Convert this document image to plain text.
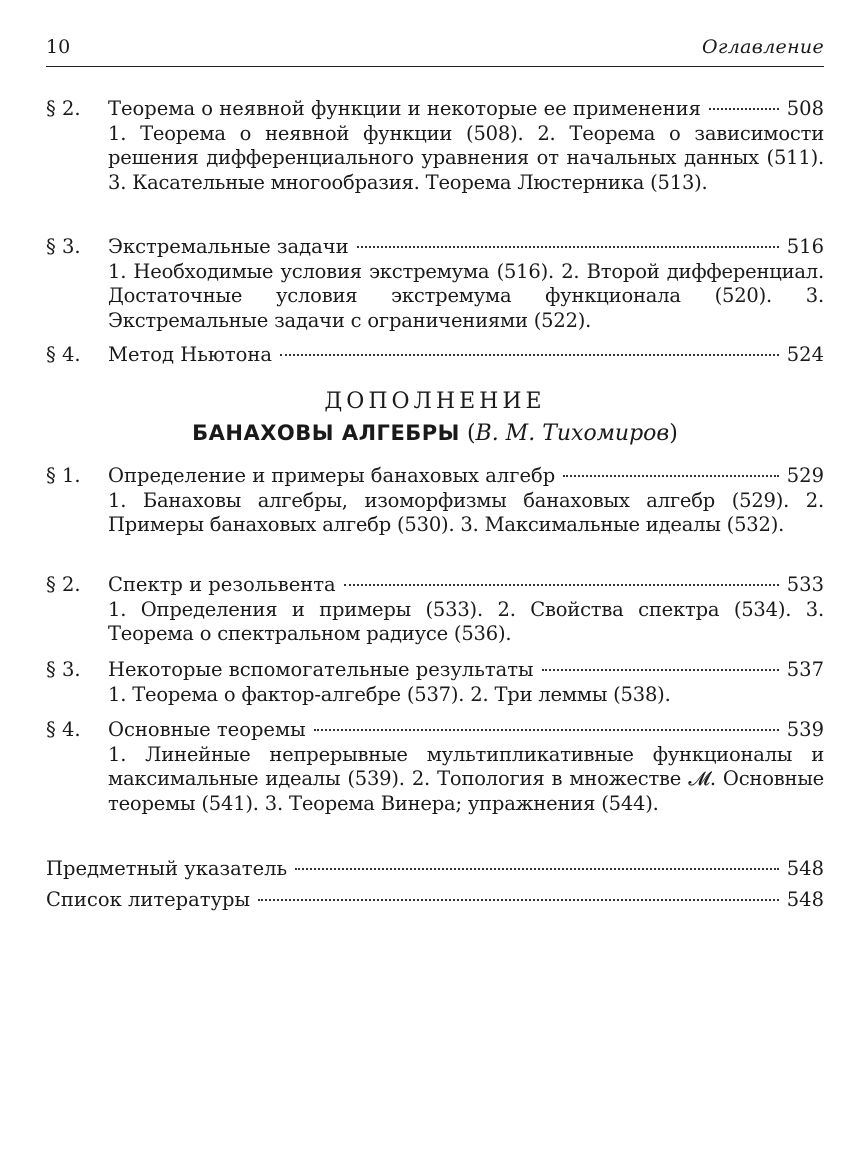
10	Оглавление
§ 2. Теорема о неявной функции и некоторые ее применения	508
1. Теорема о неявной функции (508). 2. Теорема о зависимости решения дифференциального уравнения от начальных данных (511). 3. Касательные многообразия. Теорема Люстерника (513).
§ 3. Экстремальные задачи	516
1. Необходимые условия экстремума (516). 2. Второй дифференциал. Достаточные условия экстремума функционала (520). 3. Экстремальные задачи с ограничениями (522).
§ 4. Метод Ньютона	524
ДОПОЛНЕНИЕ
БАНАХОВЫ АЛГЕБРЫ (В. М. Тихомиров)
§ 1. Определение и примеры банаховых алгебр	529
1. Банаховы алгебры, изоморфизмы банаховых алгебр (529). 2. Примеры банаховых алгебр (530). 3. Максимальные идеалы (532).
§ 2. Спектр и резольвента	533
1. Определения и примеры (533). 2. Свойства спектра (534). 3. Теорема о спектральном радиусе (536).
§ 3. Некоторые вспомогательные результаты	537
1. Теорема о фактор-алгебре (537). 2. Три леммы (538).
§ 4. Основные теоремы	539
1. Линейные непрерывные мультипликативные функционалы и максимальные идеалы (539). 2. Топология в множестве 𝓜. Основные теоремы (541). 3. Теорема Винера; упражнения (544).
Предметный указатель	548
Список литературы	548
